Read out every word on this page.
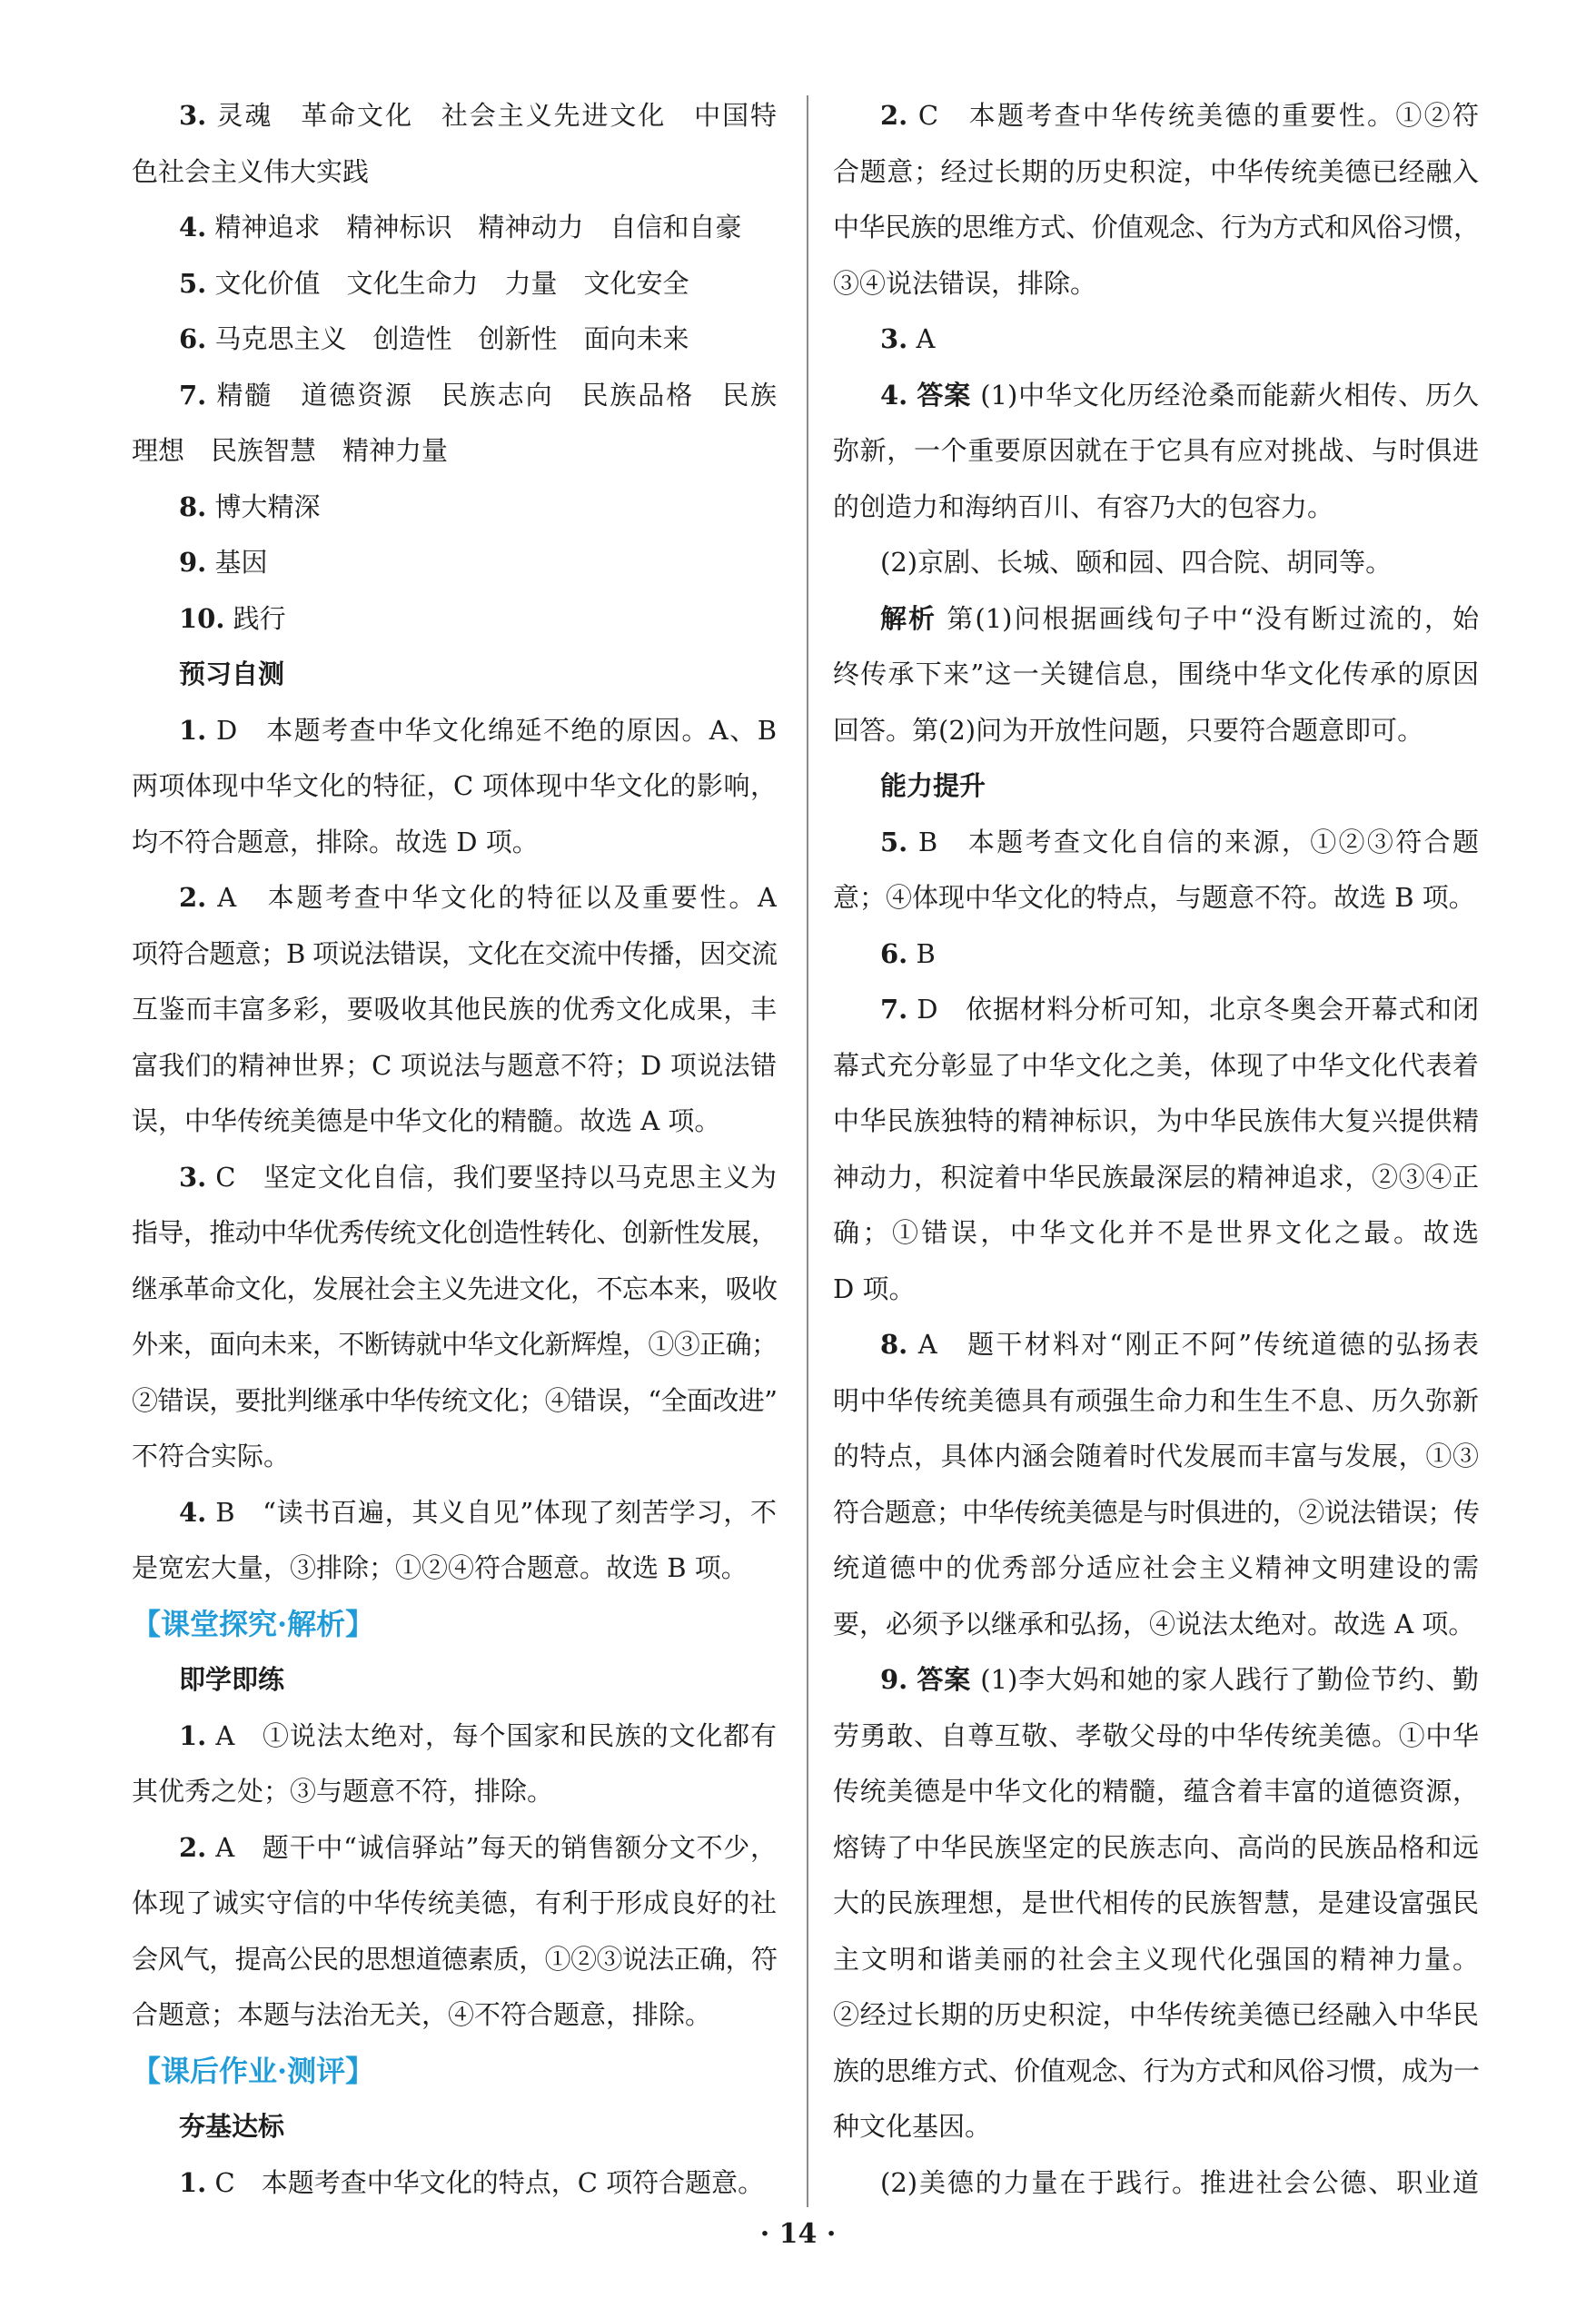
3. 灵魂　革命文化　社会主义先进文化　中国特
色社会主义伟大实践
4. 精神追求　精神标识　精神动力　自信和自豪
5. 文化价值　文化生命力　力量　文化安全
6. 马克思主义　创造性　创新性　面向未来
7. 精髓　道德资源　民族志向　民族品格　民族
理想　民族智慧　精神力量
8. 博大精深
9. 基因
10. 践行
预习自测
1. D　本题考查中华文化绵延不绝的原因。A、B
两项体现中华文化的特征，C 项体现中华文化的影响，
均不符合题意，排除。故选 D 项。
2. A　本题考查中华文化的特征以及重要性。A
项符合题意；B 项说法错误，文化在交流中传播，因交流
互鉴而丰富多彩，要吸收其他民族的优秀文化成果，丰
富我们的精神世界；C 项说法与题意不符；D 项说法错
误，中华传统美德是中华文化的精髓。故选 A 项。
3. C　坚定文化自信，我们要坚持以马克思主义为
指导，推动中华优秀传统文化创造性转化、创新性发展，
继承革命文化，发展社会主义先进文化，不忘本来，吸收
外来，面向未来，不断铸就中华文化新辉煌，①③正确；
②错误，要批判继承中华传统文化；④错误，“全面改进”
不符合实际。
4. B　“读书百遍，其义自见”体现了刻苦学习，不
是宽宏大量，③排除；①②④符合题意。故选 B 项。
【课堂探究·解析】
即学即练
1. A　①说法太绝对，每个国家和民族的文化都有
其优秀之处；③与题意不符，排除。
2. A　题干中“诚信驿站”每天的销售额分文不少，
体现了诚实守信的中华传统美德，有利于形成良好的社
会风气，提高公民的思想道德素质，①②③说法正确，符
合题意；本题与法治无关，④不符合题意，排除。
【课后作业·测评】
夯基达标
1. C　本题考查中华文化的特点，C 项符合题意。
2. C　本题考查中华传统美德的重要性。①②符
合题意；经过长期的历史积淀，中华传统美德已经融入
中华民族的思维方式、价值观念、行为方式和风俗习惯，
③④说法错误，排除。
3. A
4. 答案 (1)中华文化历经沧桑而能薪火相传、历久
弥新，一个重要原因就在于它具有应对挑战、与时俱进
的创造力和海纳百川、有容乃大的包容力。
(2)京剧、长城、颐和园、四合院、胡同等。
解析 第(1)问根据画线句子中“没有断过流的，始
终传承下来”这一关键信息，围绕中华文化传承的原因
回答。第(2)问为开放性问题，只要符合题意即可。
能力提升
5. B　本题考查文化自信的来源，①②③符合题
意；④体现中华文化的特点，与题意不符。故选 B 项。
6. B
7. D　依据材料分析可知，北京冬奥会开幕式和闭
幕式充分彰显了中华文化之美，体现了中华文化代表着
中华民族独特的精神标识，为中华民族伟大复兴提供精
神动力，积淀着中华民族最深层的精神追求，②③④正
确；①错误，中华文化并不是世界文化之最。故选
D 项。
8. A　题干材料对“刚正不阿”传统道德的弘扬表
明中华传统美德具有顽强生命力和生生不息、历久弥新
的特点，具体内涵会随着时代发展而丰富与发展，①③
符合题意；中华传统美德是与时俱进的，②说法错误；传
统道德中的优秀部分适应社会主义精神文明建设的需
要，必须予以继承和弘扬，④说法太绝对。故选 A 项。
9. 答案 (1)李大妈和她的家人践行了勤俭节约、勤
劳勇敢、自尊互敬、孝敬父母的中华传统美德。①中华
传统美德是中华文化的精髓，蕴含着丰富的道德资源，
熔铸了中华民族坚定的民族志向、高尚的民族品格和远
大的民族理想，是世代相传的民族智慧，是建设富强民
主文明和谐美丽的社会主义现代化强国的精神力量。
②经过长期的历史积淀，中华传统美德已经融入中华民
族的思维方式、价值观念、行为方式和风俗习惯，成为一
种文化基因。
(2)美德的力量在于践行。推进社会公德、职业道
· 14 ·
